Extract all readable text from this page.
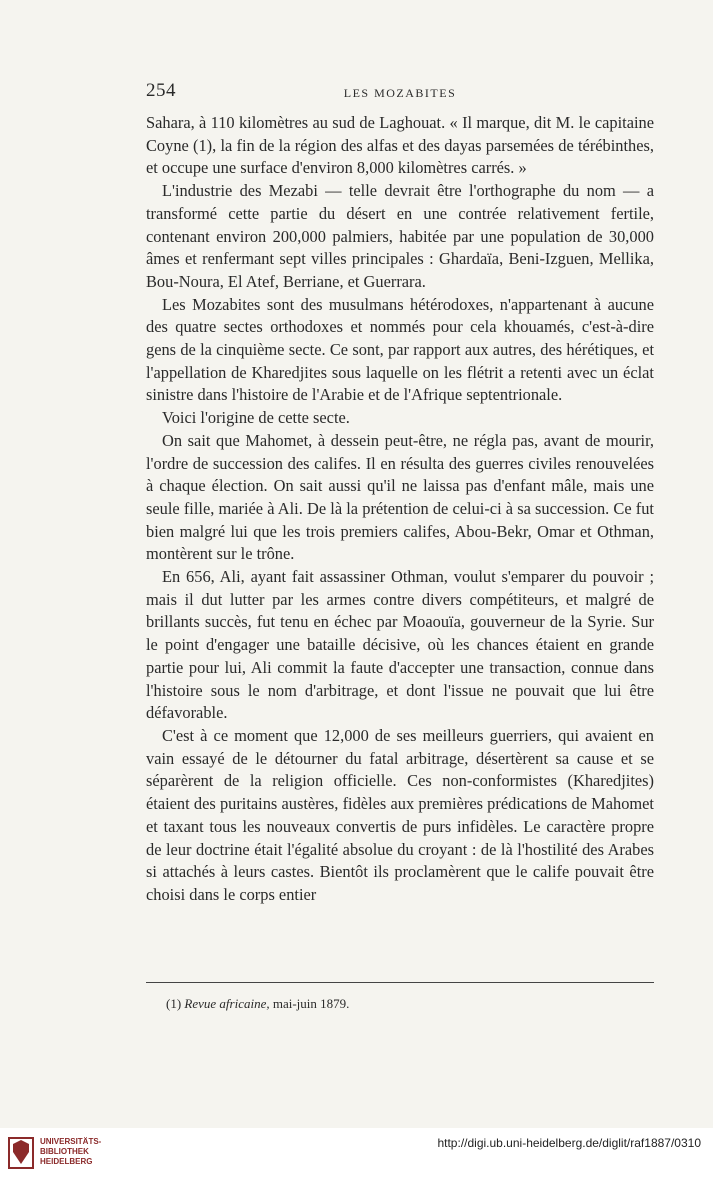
254	LES MOZABITES

Sahara, à 110 kilomètres au sud de Laghouat. « Il marque, dit M. le capitaine Coyne (1), la fin de la région des alfas et des dayas parsemées de térébinthes, et occupe une surface d'environ 8,000 kilomètres carrés. »

L'industrie des Mezabi — telle devrait être l'orthographe du nom — a transformé cette partie du désert en une contrée relativement fertile, contenant environ 200,000 palmiers, habitée par une population de 30,000 âmes et renfermant sept villes principales : Ghardaïa, Beni-Izguen, Mellika, Bou-Noura, El Atef, Berriane, et Guerrara.

Les Mozabites sont des musulmans hétérodoxes, n'appartenant à aucune des quatre sectes orthodoxes et nommés pour cela khouamés, c'est-à-dire gens de la cinquième secte. Ce sont, par rapport aux autres, des hérétiques, et l'appellation de Kharedjites sous laquelle on les flétrit a retenti avec un éclat sinistre dans l'histoire de l'Arabie et de l'Afrique septentrionale.

Voici l'origine de cette secte.

On sait que Mahomet, à dessein peut-être, ne régla pas, avant de mourir, l'ordre de succession des califes. Il en résulta des guerres civiles renouvelées à chaque élection. On sait aussi qu'il ne laissa pas d'enfant mâle, mais une seule fille, mariée à Ali. De là la prétention de celui-ci à sa succession. Ce fut bien malgré lui que les trois premiers califes, Abou-Bekr, Omar et Othman, montèrent sur le trône.

En 656, Ali, ayant fait assassiner Othman, voulut s'emparer du pouvoir ; mais il dut lutter par les armes contre divers compétiteurs, et malgré de brillants succès, fut tenu en échec par Moaouïa, gouverneur de la Syrie. Sur le point d'engager une bataille décisive, où les chances étaient en grande partie pour lui, Ali commit la faute d'accepter une transaction, connue dans l'histoire sous le nom d'arbitrage, et dont l'issue ne pouvait que lui être défavorable.

C'est à ce moment que 12,000 de ses meilleurs guerriers, qui avaient en vain essayé de le détourner du fatal arbitrage, désertèrent sa cause et se séparèrent de la religion officielle. Ces non-conformistes (Kharedjites) étaient des puritains austères, fidèles aux premières prédications de Mahomet et taxant tous les nouveaux convertis de purs infidèles. Le caractère propre de leur doctrine était l'égalité absolue du croyant : de là l'hostilité des Arabes si attachés à leurs castes. Bientôt ils proclamèrent que le calife pouvait être choisi dans le corps entier

(1) Revue africaine, mai-juin 1879.
UNIVERSITÄTS-
BIBLIOTHEK
HEIDELBERG
http://digi.ub.uni-heidelberg.de/diglit/raf1887/0310
